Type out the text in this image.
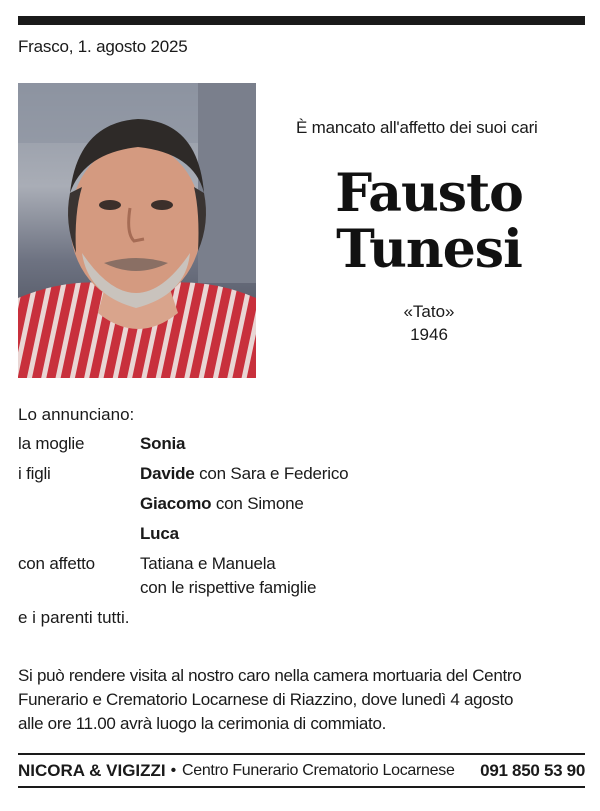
Frasco, 1. agosto 2025
È mancato all'affetto dei suoi cari
Fausto
Tunesi
«Tato»
1946
Lo annunciano:
la moglie	Sonia
i figli	Davide con Sara e Federico
Giacomo con Simone
Luca
con affetto	Tatiana e Manuela
con le rispettive famiglie
e i parenti tutti.
Si può rendere visita al nostro caro nella camera mortuaria del Centro
Funerario e Crematorio Locarnese di Riazzino, dove lunedì 4 agosto
alle ore 11.00 avrà luogo la cerimonia di commiato.
NICORA & VIGIZZI • Centro Funerario Crematorio Locarnese 091 850 53 90
